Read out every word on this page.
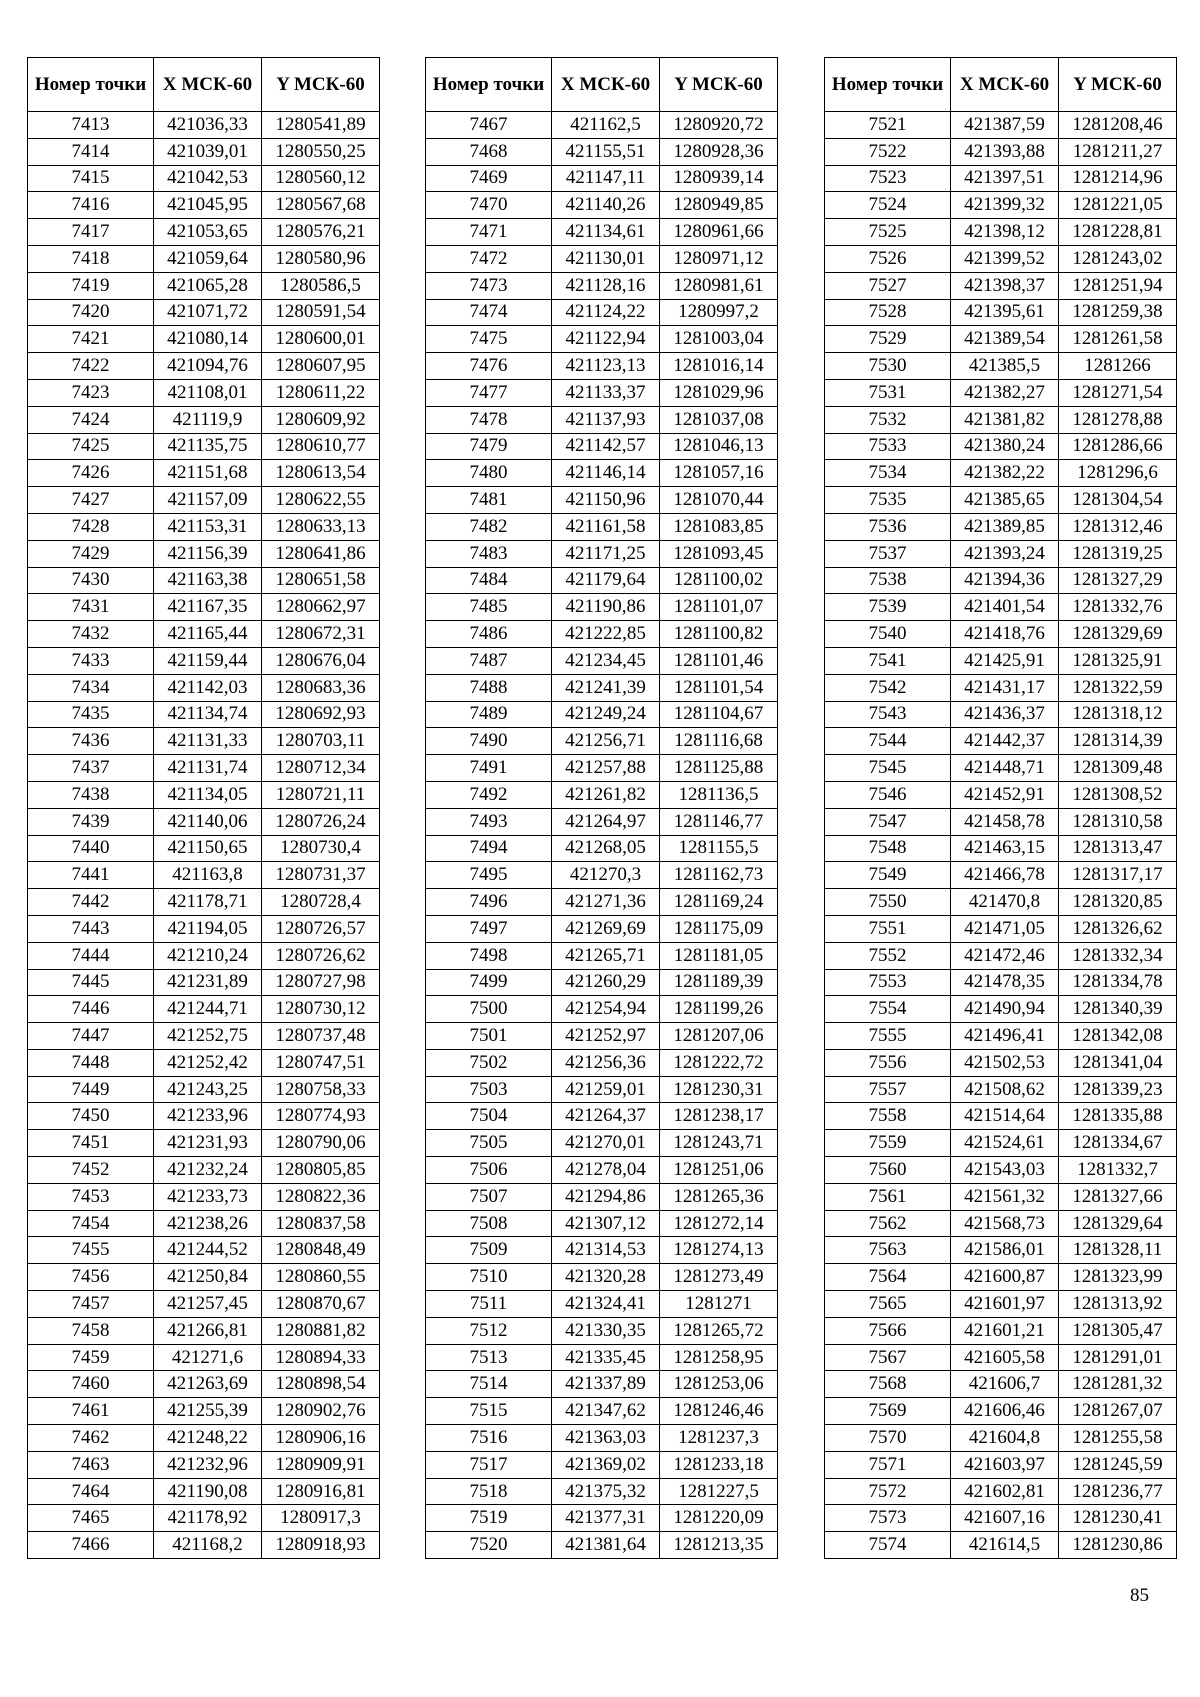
Номер точки	X МСК-60	Y МСК-60
7413	421036,33	1280541,89
7414	421039,01	1280550,25
7415	421042,53	1280560,12
7416	421045,95	1280567,68
7417	421053,65	1280576,21
7418	421059,64	1280580,96
7419	421065,28	1280586,5
7420	421071,72	1280591,54
7421	421080,14	1280600,01
7422	421094,76	1280607,95
7423	421108,01	1280611,22
7424	421119,9	1280609,92
7425	421135,75	1280610,77
7426	421151,68	1280613,54
7427	421157,09	1280622,55
7428	421153,31	1280633,13
7429	421156,39	1280641,86
7430	421163,38	1280651,58
7431	421167,35	1280662,97
7432	421165,44	1280672,31
7433	421159,44	1280676,04
7434	421142,03	1280683,36
7435	421134,74	1280692,93
7436	421131,33	1280703,11
7437	421131,74	1280712,34
7438	421134,05	1280721,11
7439	421140,06	1280726,24
7440	421150,65	1280730,4
7441	421163,8	1280731,37
7442	421178,71	1280728,4
7443	421194,05	1280726,57
7444	421210,24	1280726,62
7445	421231,89	1280727,98
7446	421244,71	1280730,12
7447	421252,75	1280737,48
7448	421252,42	1280747,51
7449	421243,25	1280758,33
7450	421233,96	1280774,93
7451	421231,93	1280790,06
7452	421232,24	1280805,85
7453	421233,73	1280822,36
7454	421238,26	1280837,58
7455	421244,52	1280848,49
7456	421250,84	1280860,55
7457	421257,45	1280870,67
7458	421266,81	1280881,82
7459	421271,6	1280894,33
7460	421263,69	1280898,54
7461	421255,39	1280902,76
7462	421248,22	1280906,16
7463	421232,96	1280909,91
7464	421190,08	1280916,81
7465	421178,92	1280917,3
7466	421168,2	1280918,93
Номер точки	X МСК-60	Y МСК-60
7467	421162,5	1280920,72
7468	421155,51	1280928,36
7469	421147,11	1280939,14
7470	421140,26	1280949,85
7471	421134,61	1280961,66
7472	421130,01	1280971,12
7473	421128,16	1280981,61
7474	421124,22	1280997,2
7475	421122,94	1281003,04
7476	421123,13	1281016,14
7477	421133,37	1281029,96
7478	421137,93	1281037,08
7479	421142,57	1281046,13
7480	421146,14	1281057,16
7481	421150,96	1281070,44
7482	421161,58	1281083,85
7483	421171,25	1281093,45
7484	421179,64	1281100,02
7485	421190,86	1281101,07
7486	421222,85	1281100,82
7487	421234,45	1281101,46
7488	421241,39	1281101,54
7489	421249,24	1281104,67
7490	421256,71	1281116,68
7491	421257,88	1281125,88
7492	421261,82	1281136,5
7493	421264,97	1281146,77
7494	421268,05	1281155,5
7495	421270,3	1281162,73
7496	421271,36	1281169,24
7497	421269,69	1281175,09
7498	421265,71	1281181,05
7499	421260,29	1281189,39
7500	421254,94	1281199,26
7501	421252,97	1281207,06
7502	421256,36	1281222,72
7503	421259,01	1281230,31
7504	421264,37	1281238,17
7505	421270,01	1281243,71
7506	421278,04	1281251,06
7507	421294,86	1281265,36
7508	421307,12	1281272,14
7509	421314,53	1281274,13
7510	421320,28	1281273,49
7511	421324,41	1281271
7512	421330,35	1281265,72
7513	421335,45	1281258,95
7514	421337,89	1281253,06
7515	421347,62	1281246,46
7516	421363,03	1281237,3
7517	421369,02	1281233,18
7518	421375,32	1281227,5
7519	421377,31	1281220,09
7520	421381,64	1281213,35
Номер точки	X МСК-60	Y МСК-60
7521	421387,59	1281208,46
7522	421393,88	1281211,27
7523	421397,51	1281214,96
7524	421399,32	1281221,05
7525	421398,12	1281228,81
7526	421399,52	1281243,02
7527	421398,37	1281251,94
7528	421395,61	1281259,38
7529	421389,54	1281261,58
7530	421385,5	1281266
7531	421382,27	1281271,54
7532	421381,82	1281278,88
7533	421380,24	1281286,66
7534	421382,22	1281296,6
7535	421385,65	1281304,54
7536	421389,85	1281312,46
7537	421393,24	1281319,25
7538	421394,36	1281327,29
7539	421401,54	1281332,76
7540	421418,76	1281329,69
7541	421425,91	1281325,91
7542	421431,17	1281322,59
7543	421436,37	1281318,12
7544	421442,37	1281314,39
7545	421448,71	1281309,48
7546	421452,91	1281308,52
7547	421458,78	1281310,58
7548	421463,15	1281313,47
7549	421466,78	1281317,17
7550	421470,8	1281320,85
7551	421471,05	1281326,62
7552	421472,46	1281332,34
7553	421478,35	1281334,78
7554	421490,94	1281340,39
7555	421496,41	1281342,08
7556	421502,53	1281341,04
7557	421508,62	1281339,23
7558	421514,64	1281335,88
7559	421524,61	1281334,67
7560	421543,03	1281332,7
7561	421561,32	1281327,66
7562	421568,73	1281329,64
7563	421586,01	1281328,11
7564	421600,87	1281323,99
7565	421601,97	1281313,92
7566	421601,21	1281305,47
7567	421605,58	1281291,01
7568	421606,7	1281281,32
7569	421606,46	1281267,07
7570	421604,8	1281255,58
7571	421603,97	1281245,59
7572	421602,81	1281236,77
7573	421607,16	1281230,41
7574	421614,5	1281230,86
85
